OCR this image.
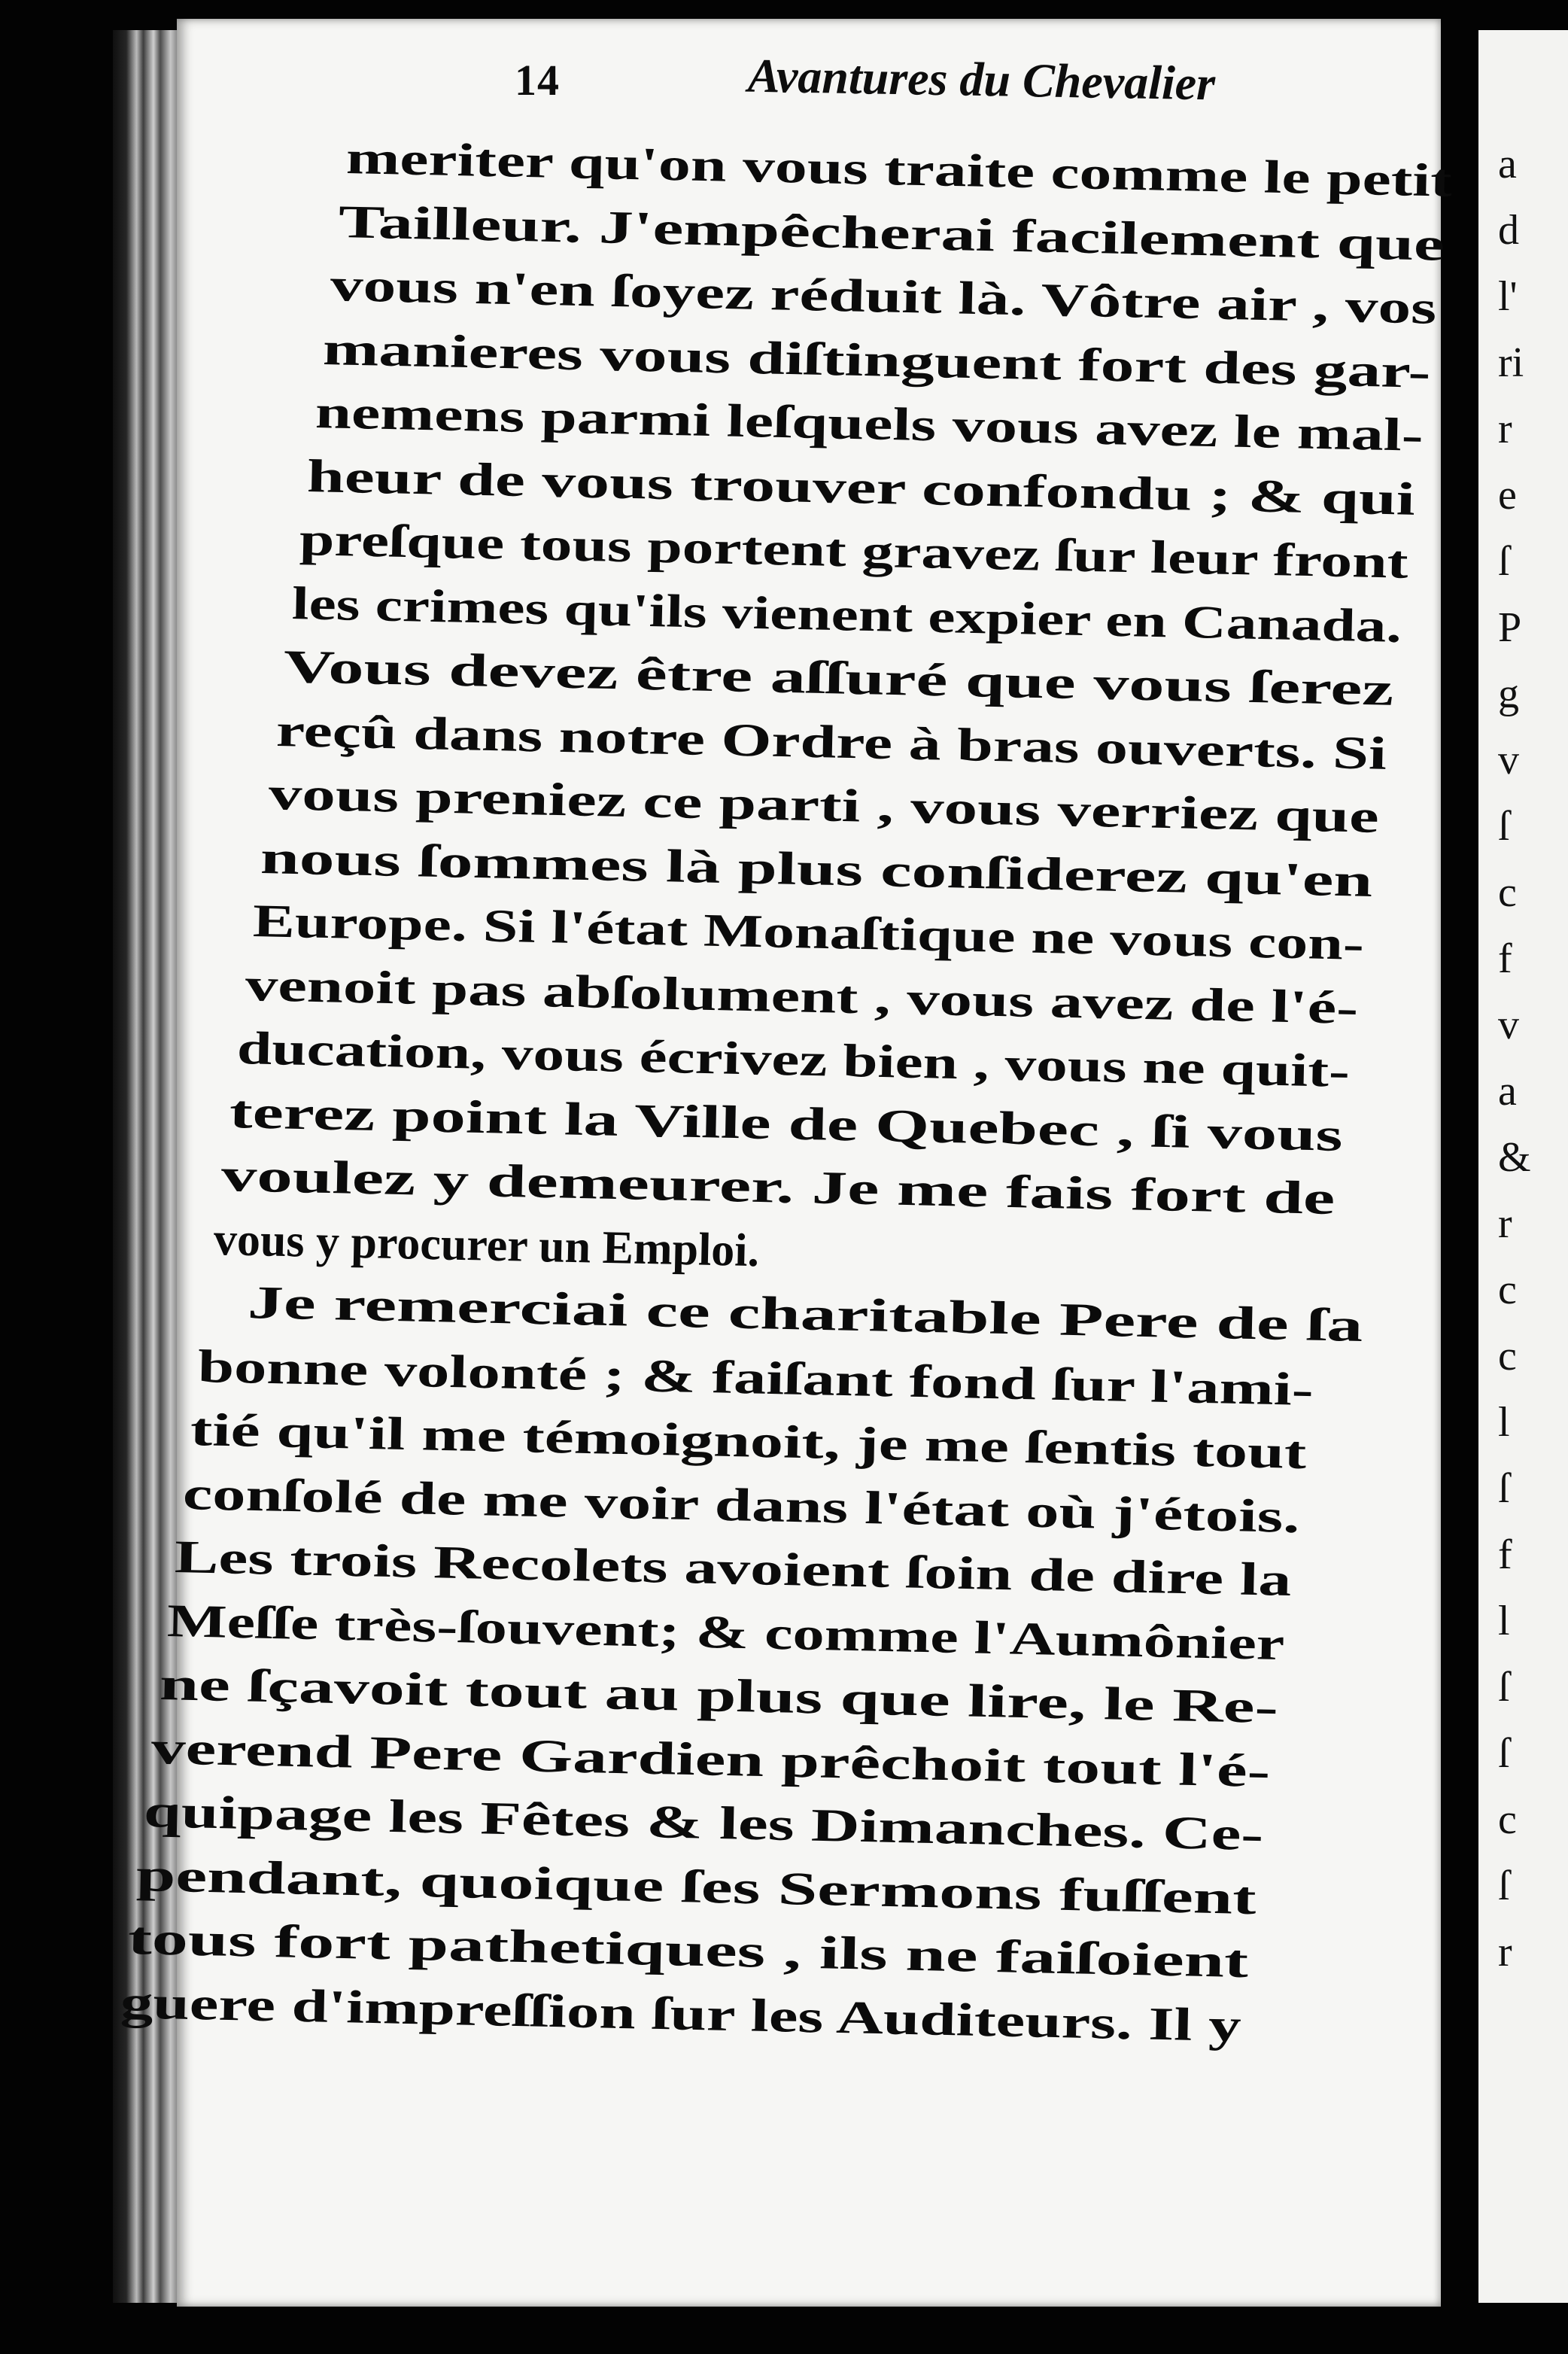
a
d
l'
ri
r
e
ſ
P
g
v
ſ
c
f
v
a
&
r
c
c
l
ſ
f
l
ſ
ſ
c
ſ
r
14	Avantures du Chevalier
meriter qu'on vous traite comme le petit
Tailleur. J'empêcherai facilement que
vous n'en ſoyez réduit là. Vôtre air , vos
manieres vous diſtinguent fort des gar-
nemens parmi leſquels vous avez le mal-
heur de vous trouver confondu ; & qui
preſque tous portent gravez ſur leur front
les crimes qu'ils vienent expier en Canada.
Vous devez être aſſuré que vous ſerez
reçû dans notre Ordre à bras ouverts. Si
vous preniez ce parti , vous verriez que
nous ſommes là plus conſiderez qu'en
Europe. Si l'état Monaſtique ne vous con-
venoit pas abſolument , vous avez de l'é-
ducation, vous écrivez bien , vous ne quit-
terez point la Ville de Quebec , ſi vous
voulez y demeurer. Je me fais fort de
vous y procurer un Emploi.
Je remerciai ce charitable Pere de ſa
bonne volonté ; & faiſant fond ſur l'ami-
tié qu'il me témoignoit, je me ſentis tout
conſolé de me voir dans l'état où j'étois.
Les trois Recolets avoient ſoin de dire la
Meſſe très-ſouvent; & comme l'Aumônier
ne ſçavoit tout au plus que lire, le Re-
verend Pere Gardien prêchoit tout l'é-
quipage les Fêtes & les Dimanches. Ce-
pendant, quoique ſes Sermons fuſſent
tous fort pathetiques , ils ne faiſoient
guere d'impreſſion ſur les Auditeurs. Il y
